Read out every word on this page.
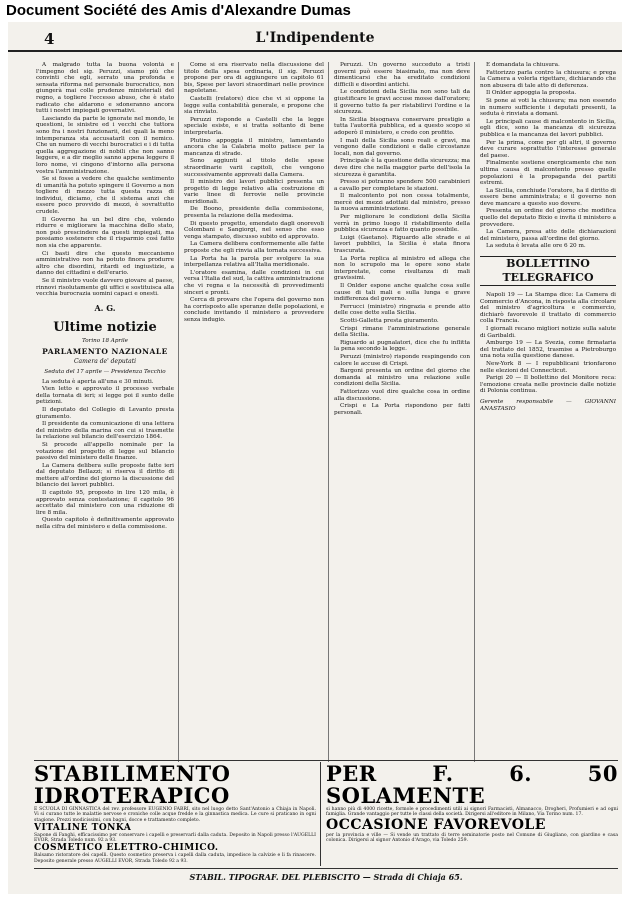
Document Société des Amis d'Alexandre Dumas
4	L'Indipendente

A malgrado tutta la buona volontà e l'impegno del sig. Peruzzi, siamo più che convinti che egli, serrato una profonda e sensata riforma nel personale burocratico, non giungerà mai colle prudenze ministeriali del regno, a togliere l'eccesso abuso, che è stato radicato che aldarono e sdoneranno ancora tutti i nostri impiegati governativi.

Lasciando da parte le ignorate nel mondo, le questioni, le sinistre ed i vecchi che tuttora sono fra i nostri funzionarii, dei quali la meno intemperanza sta accusatarli con il nemico. Che un numero di vecchi burocratici e i di tutta quella aggregazione di nobili che non sanno leggere, e a dir meglio sanno appena leggere il loro nome, vi cingono d'intorno alla persona vostra l'amministrazione.

Se si fosse a vedere che qualche sentimento di umanità ha potuto spingere il Governo a non togliere di mezzo tutta questa razza di individui, diciamo, che il sistema anzi che essere poco provvido di mezzi, è sovrattutto crudele.

Il Governo ha un bel dire che, volendo ridurre e migliorare la macchina dello stato, non può prescindere da questi impiegati, ma possiamo sostenere che il risparmio così fatto non sia che apparente.

Ci basti dire che questo meccanismo amministrativo non ha potuto finora produrre altro che disordini, ritardi ed ingiustizie, a danno dei cittadini e dell'erario.

Se il ministro vuole davvero giovare al paese, rinnovi risolutamente gli uffici e sostituisca alla vecchia burocrazia uomini capaci e onesti.

A. G.
Ultime notizie
Torino 18 Aprile
PARLAMENTO NAZIONALE
Camera de' deputati
Seduta del 17 aprile — Presidenza Tecchio

La seduta è aperta all'una e 30 minuti.

Vien letto e approvato il processo verbale della tornata di ieri; si legge poi il sunto delle petizioni.

Il deputato del Collegio di Levanto presta giuramento.

Il presidente da comunicazione di una lettera del ministro della marina con cui si trasmette la relazione sul bilancio dell'esercizio 1864.

Si procede all'appello nominale per la votazione del progetto di legge sul bilancio passivo del ministero delle finanze.

La Camera delibera sulle proposte fatte ieri dal deputato Bellazzi; si riserva il diritto di mettere all'ordine del giorno la discussione del bilancio dei lavori pubblici.

Il capitolo 95, proposto in lire 120 mila, è approvato senza contestazione; il capitolo 96 accettato dal ministero con una riduzione di lire 8 mila.

Questo capitolo è definitivamente approvato nella cifra del ministero e della commissione.

Come si era riservato nella discussione del titolo della spesa ordinaria, il sig. Peruzzi propone per ora di aggiungere un capitolo 61 bis, Spese per lavori straordinari nelle province napoletane.

Castelli (relatore) dice che vi si oppone la legge sulla contabilità generale, e propone che sia rinviato.

Peruzzi risponde a Castelli che la legge speciale esiste, e si tratta soltanto di bene interpretarla.

Plutino appoggia il ministro, lamentando ancora che la Calabria molto patisce per la mancanza di strade.

Sono aggiunti al titolo delle spese straordinarie varii capitoli, che vengono successivamente approvati dalla Camera.

Il ministro dei lavori pubblici presenta un progetto di legge relativo alla costruzione di varie linee di ferrovie nelle provincie meridionali.

De Boono, presidente della commissione, presenta la relazione della medesima.

Di questo progetto, emendato dagli onorevoli Colombani e Sangiorgi, nel senso che esso venga stampato, discusso subito ed approvato.

La Camera delibera conformemente alle fatte proposte che egli rinvia alla tornata successiva.

La Porta ha la parola per svolgere la sua interpellanza relativa all'Italia meridionale.

L'oratore esamina, dalle condizioni in cui versa l'Italia del sud, la cattiva amministrazione che vi regna e la necessità di provvedimenti sinceri e pronti.

Cerca di provare che l'opera del governo non ha corrisposto alle speranze delle popolazioni, e conclude invitando il ministero a provvedere senza indugio.

Peruzzi. Un governo succeduto a tristi governi può essere biasimato, ma non deve dimenticarsi che ha ereditato condizioni difficili e disordini antichi.

Le condizioni della Sicilia non sono tali da giustificare le gravi accuse mosse dall'oratore; il governo tutto fa per ristabilirvi l'ordine e la sicurezza.

In Sicilia bisognava conservare prestigio a tutta l'autorità pubblica, ed a questo scopo si adoperò il ministero, e credo con profitto.

I mali della Sicilia sono reali e gravi, ma vengono dalle condizioni e dalle circostanze locali, non dal governo.

Principale è la questione della sicurezza; ma deve dire che nella maggior parte dell'isola la sicurezza è garantita.

Presso si potranno spendere 500 carabinieri a cavallo per completare le stazioni.

Il malcontento poi non cessa totalmente, mercè dei mezzi adottati dal ministro, presso la nuova amministrazione.

Per migliorare le condizioni della Sicilia verrà in primo luogo il ristabilimento della pubblica sicurezza e fatto quanto possibile.

Luigi (Gaetano). Riguardo alle strade e ai lavori pubblici, la Sicilia è stata finora trascurata.

La Porta replica al ministro ed allega che non lo scrupolo ma le opere sono state interpretate, come risultanza di mali gravissimi.

Il Onlder espone anche qualche cosa sulle cause di tali mali e sulla lunga e grave indifferenza del governo.

Ferrucci (ministro) ringrazia e prende atto delle cose dette sulla Sicilia.

Scotti-Galletta presta giuramento.

Crispi rimane l'amministrazione generale della Sicilia.

Riguardo ai pugnalatori, dice che fu inflitta la pena secondo la legge.

Peruzzi (ministro) risponde respingendo con calore le accuse di Crispi.

Bargoni presenta un ordine del giorno che domanda al ministro una relazione sulle condizioni della Sicilia.

Fattorizzo vuol dire qualche cosa in ordine alla discussione.

Crispi e La Porta rispondono per fatti personali.

È domandata la chiusura.

Fattorizzo parla contro la chiusura; e prega la Camera a volerla rigettare, dichiarando che non abusera di tale atto di deferenza.

Il Onlder appoggia la proposta.

Si pone ai voti la chiusura; ma non essendo in numero sufficiente i deputati presenti, la seduta è rinviata a domani.

Le principali cause di malcontento in Sicilia, egli dice, sono la mancanza di sicurezza pubblica e la mancanza dei lavori pubblici.

Per la prima, come per gli altri, il governo deve curare soprattutto l'interesse generale del paese.

Finalmente sostiene energicamente che non ultima causa di malcontento presso quelle popolazioni è la propaganda dei partiti estremi.

La Sicilia, conchiude l'oratore, ha il diritto di essere bene amministrata; e il governo non deve mancare a questo suo dovere.

Presenta un ordine del giorno che modifica quello del deputato Bixio e invita il ministero a provvedere.

La Camera, presa atto delle dichiarazioni del ministero, passa all'ordine del giorno.

La seduta è levata alle ore 6 20 m.

BOLLETTINO TELEGRAFICO

Napoli 19 — La Stampa dice: La Camera di Commercio d'Ancona, in risposta alla circolare del ministro d'agricoltura e commercio, dichiarò favorevole il trattato di commercio colla Francia.

I giornali recano migliori notizie sulla salute di Garibaldi.

Amburgo 19 — La Svezia, come firmataria del trattato del 1852, trasmise a Pietroburgo una nota sulla questione danese.

New-York 8 — I repubblicani trionfarono nelle elezioni del Connecticut.

Parigi 20 — Il bollettino del Monitore reca: l'emozione creata nelle provincie dalle notizie di Polonia continua.

Gerente responsabile — GIOVANNI ANASTASIO
STABILIMENTO IDROTERAPICO
E SCUOLA DI GINNASTICA del rev. professore EUGENIO FABRI, sito nel luogo detto Sant'Antonio a Chiaja in Napoli. Vi si curano tutte le malattie nervose e croniche colle acque fredde e la ginnastica medica. Le cure si praticano in ogni stagione. Prezzi modicissimi, con bagni, docce e trattamento completo.
VITALINE TONKA
Sapone di Fanghi, efficacissimo per conservare i capelli e preservarli dalla caduta. Deposito in Napoli presso l'AUGELLI EVOR, Strada Toledo num. 92 a 93.
COSMETICO ELETTRO-CHIMICO.
Balsamo ristoratore dei capelli. Questo cosmetico preserva i capelli dalla caduta, impedisce la calvizie e li fa rinascere. Deposito generale presso AUGELLI EVOR, Strada Toledo 92 a 93.
PER F. 6. 50 SOLAMENTE
si hanno più di 4000 ricette, formole e procedimenti utili ai signori Farmacisti, Almanacco, Drogheri, Profumieri e ad ogni famiglia. Grande vantaggio per tutte le classi della società. Dirigersi all'editore in Milano, Via Torino num. 17.
OCCASIONE FAVOREVOLE
per la provincia e ville — Si vende un trattato di terre seminatorie posto nel Comune di Giugliano, con giardino e casa colonica. Dirigersi al signor Antonio d'Arago, via Toledo 259.
STABIL. TIPOGRAF. DEL PLEBISCITO — Strada di Chiaja 65.
